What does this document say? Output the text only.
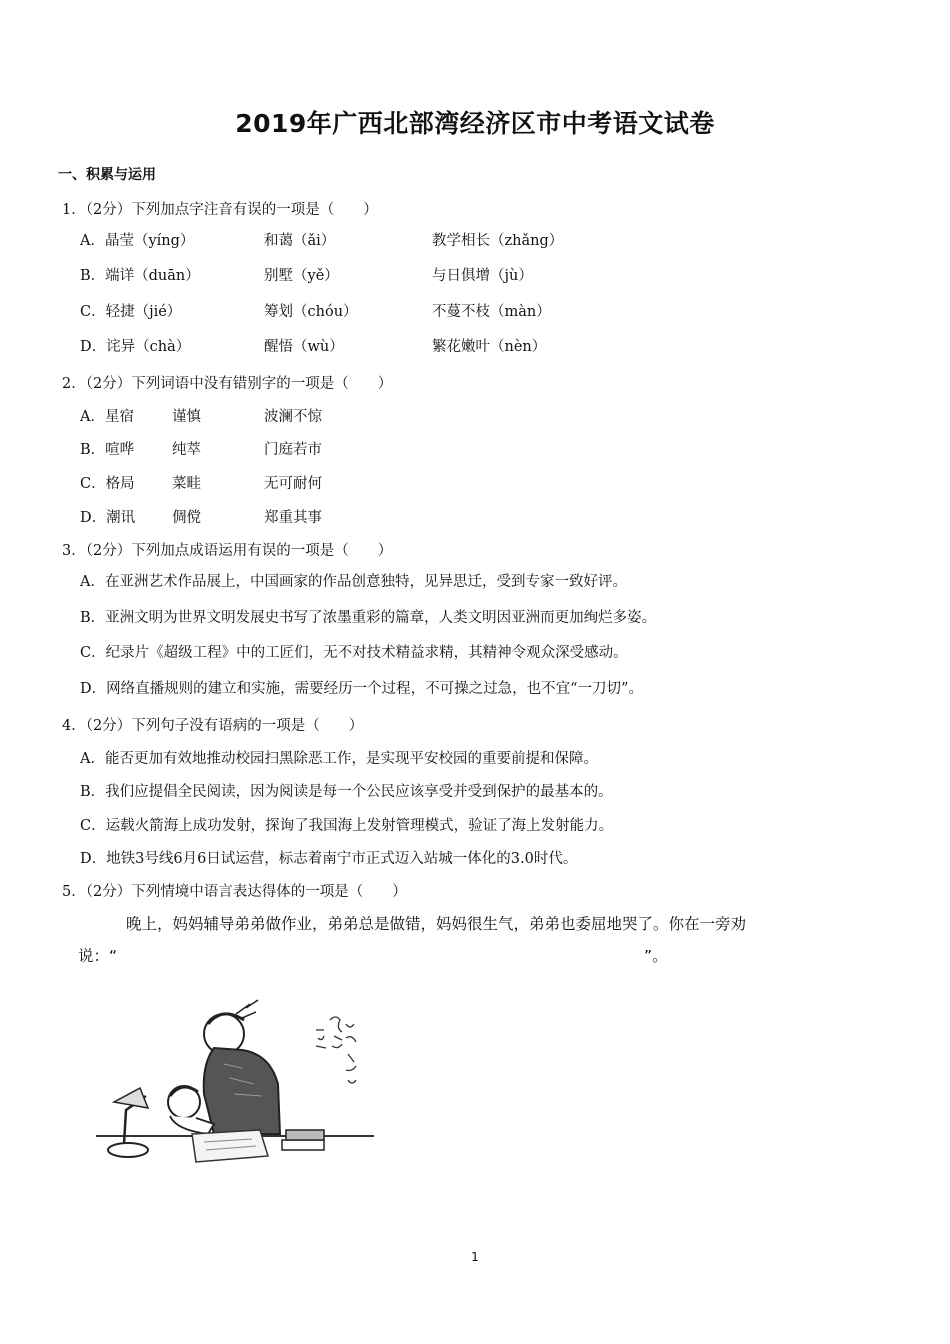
2019年广西北部湾经济区市中考语文试卷
一、积累与运用
1．（2分）下列加点字注音有误的一项是（　　）
A．晶莹（yíng）	和蔼（ǎi）	教学相长（zhǎng）
B．端详（duān）	别墅（yě）	与日俱增（jù）
C．轻捷（jié）	筹划（chóu）	不蔓不枝（màn）
D．诧异（chà）	醒悟（wù）	繁花嫩叶（nèn）
2．（2分）下列词语中没有错别字的一项是（　　）
A．星宿	谨慎	波澜不惊
B．喧哗	纯萃	门庭若市
C．格局	菜畦	无可耐何
D．潮讯	倜傥	郑重其事
3．（2分）下列加点成语运用有误的一项是（　　）
A．在亚洲艺术作品展上，中国画家的作品创意独特，见异思迁，受到专家一致好评。
B．亚洲文明为世界文明发展史书写了浓墨重彩的篇章，人类文明因亚洲而更加绚烂多姿。
C．纪录片《超级工程》中的工匠们，无不对技术精益求精，其精神令观众深受感动。
D．网络直播规则的建立和实施，需要经历一个过程，不可操之过急，也不宜“一刀切”。
4．（2分）下列句子没有语病的一项是（　　）
A．能否更加有效地推动校园扫黑除恶工作，是实现平安校园的重要前提和保障。
B．我们应提倡全民阅读，因为阅读是每一个公民应该享受并受到保护的最基本的。
C．运载火箭海上成功发射，探询了我国海上发射管理模式，验证了海上发射能力。
D．地铁3号线6月6日试运营，标志着南宁市正式迈入站城一体化的3.0时代。
5．（2分）下列情境中语言表达得体的一项是（　　）
晚上，妈妈辅导弟弟做作业，弟弟总是做错，妈妈很生气，弟弟也委屈地哭了。你在一旁劝说：“　　　　　　　　　　　　　　　　　　　　　　　　　　　　　　　　　　”。
1
